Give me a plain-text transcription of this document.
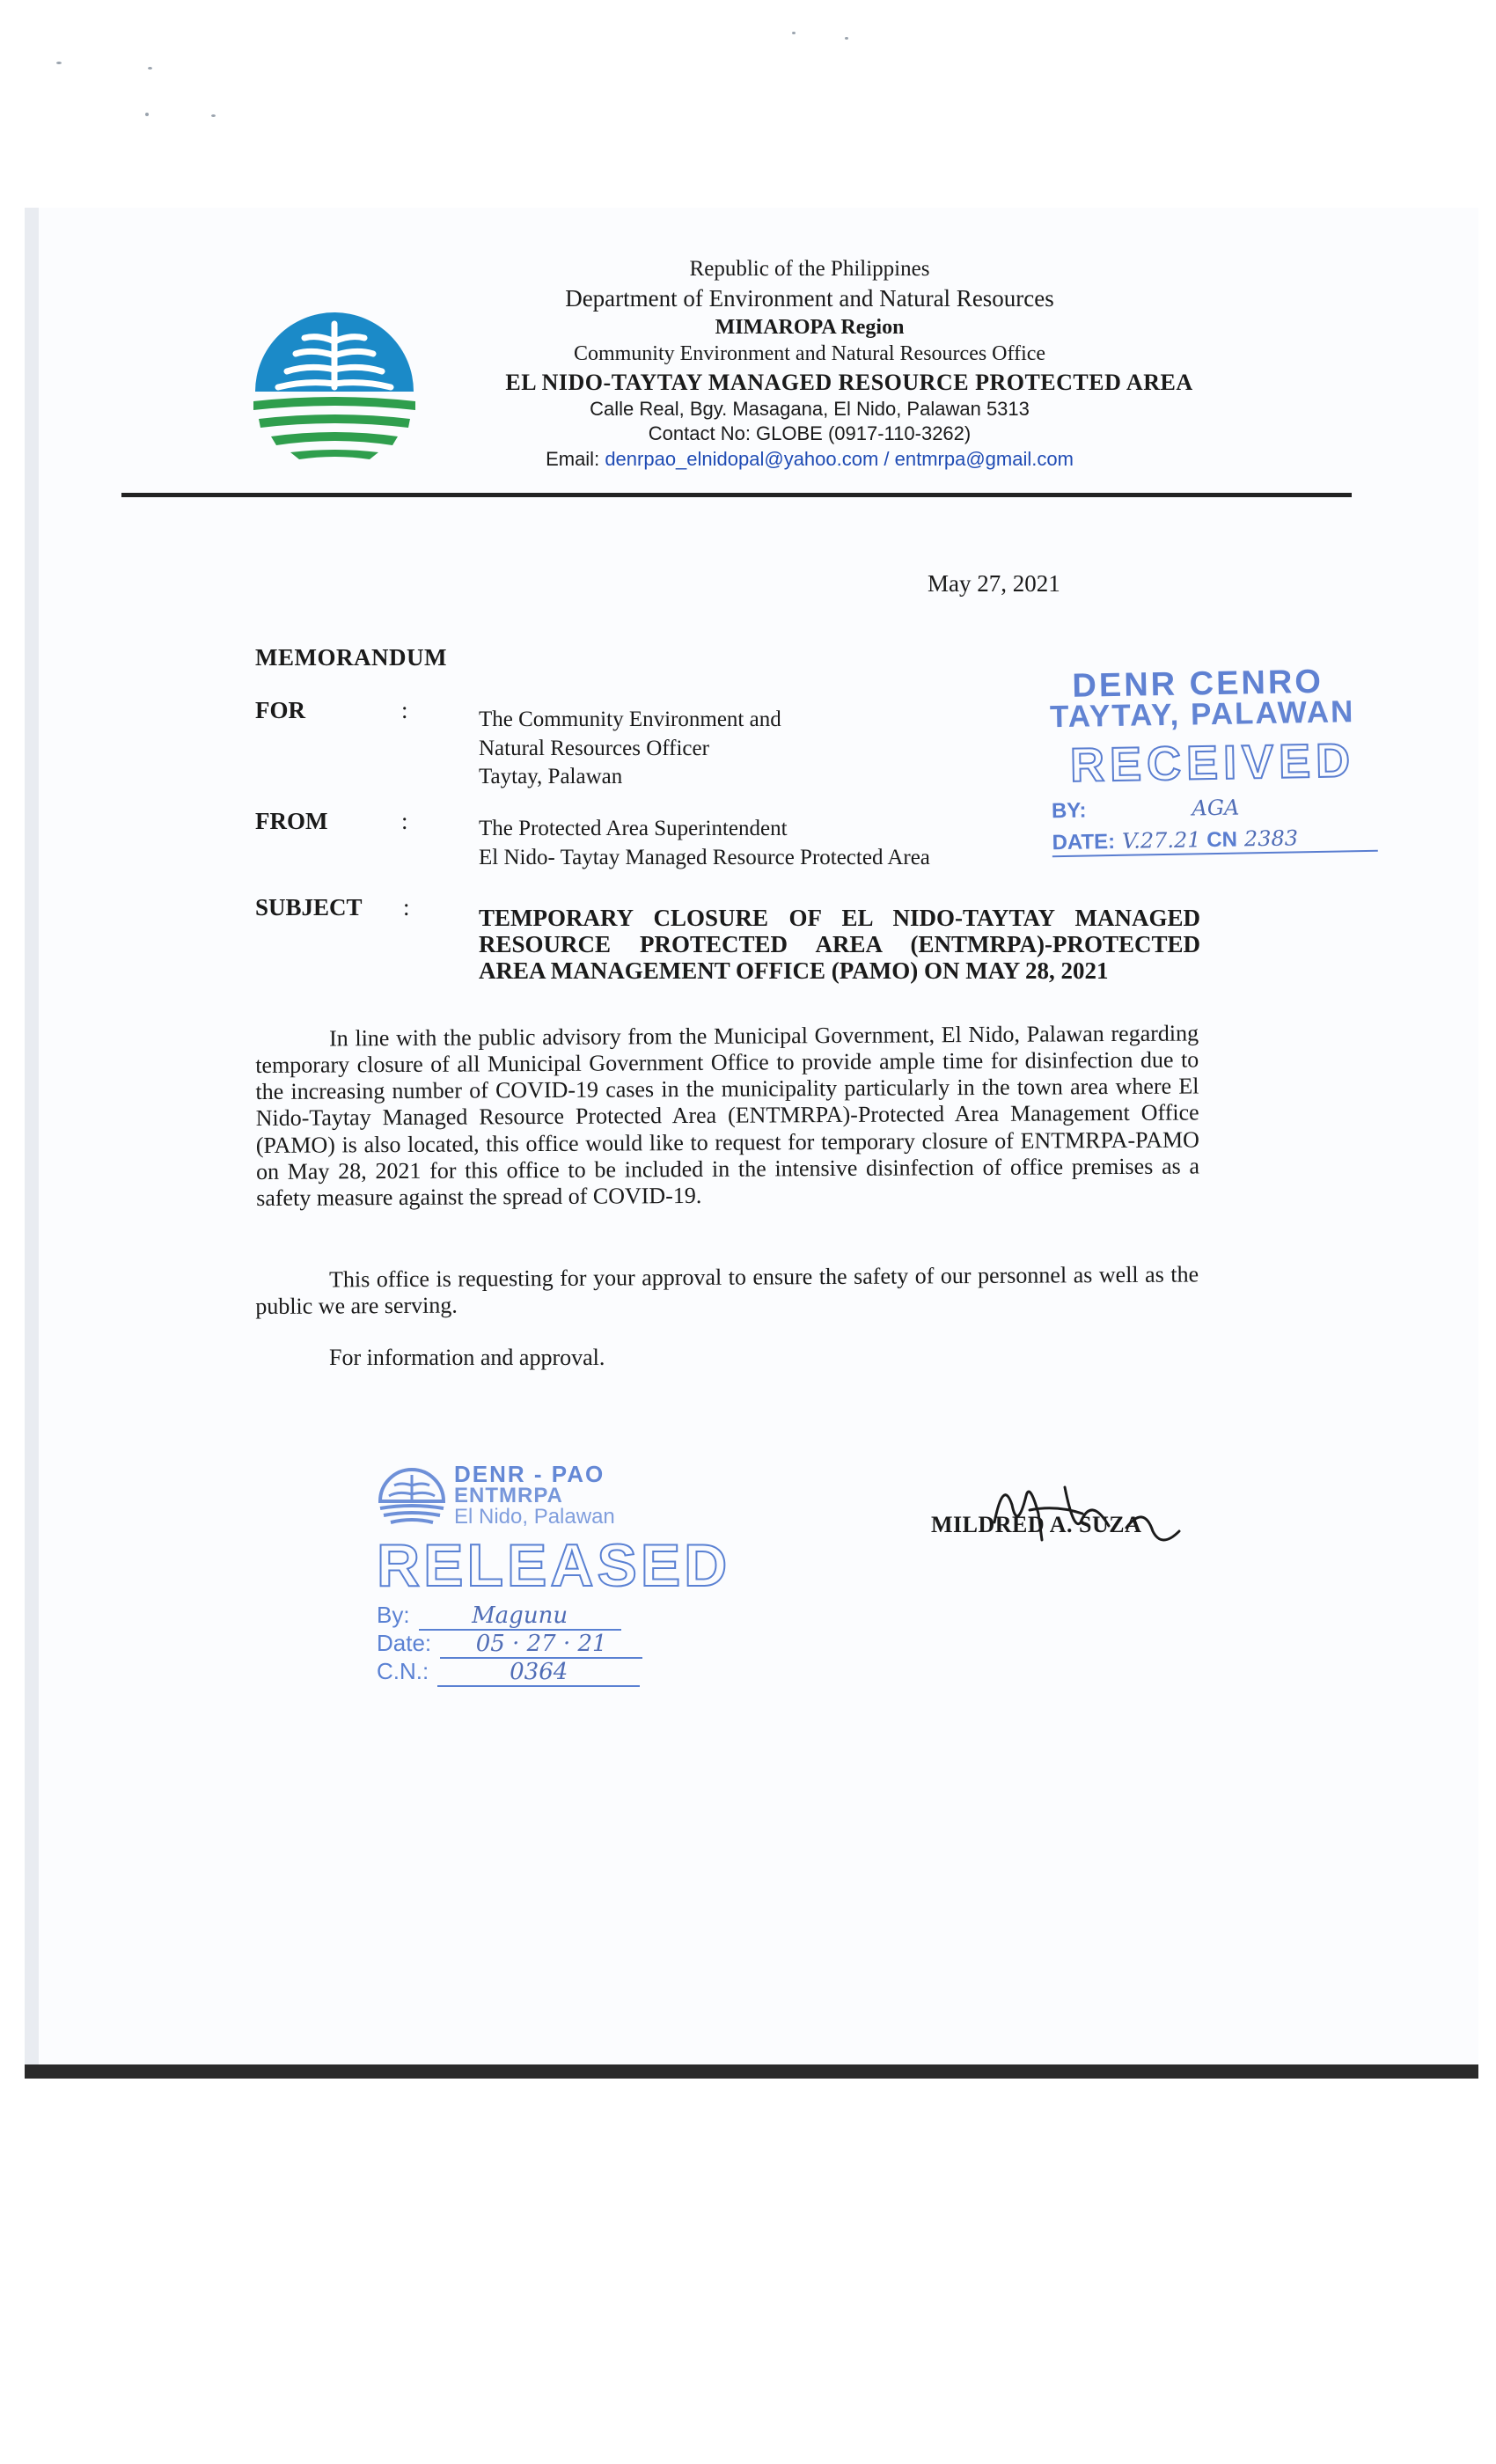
Republic of the Philippines
Department of Environment and Natural Resources
MIMAROPA Region
Community Environment and Natural Resources Office
EL NIDO-TAYTAY MANAGED RESOURCE PROTECTED AREA
Calle Real, Bgy. Masagana, El Nido, Palawan 5313
Contact No: GLOBE (0917-110-3262)
Email: denrpao_elnidopal@yahoo.com / entmrpa@gmail.com
May 27, 2021
MEMORANDUM
FOR	:	The Community Environment and
Natural Resources Officer
Taytay, Palawan
FROM	:	The Protected Area Superintendent
El Nido- Taytay Managed Resource Protected Area
SUBJECT :	TEMPORARY CLOSURE OF EL NIDO-TAYTAY MANAGED RESOURCE PROTECTED AREA (ENTMRPA)-PROTECTED AREA MANAGEMENT OFFICE (PAMO) ON MAY 28, 2021
In line with the public advisory from the Municipal Government, El Nido, Palawan regarding temporary closure of all Municipal Government Office to provide ample time for disinfection due to the increasing number of COVID-19 cases in the municipality particularly in the town area where El Nido-Taytay Managed Resource Protected Area (ENTMRPA)-Protected Area Management Office (PAMO) is also located, this office would like to request for temporary closure of ENTMRPA-PAMO on May 28, 2021 for this office to be included in the intensive disinfection of office premises as a safety measure against the spread of COVID-19.
This office is requesting for your approval to ensure the safety of our personnel as well as the public we are serving.
For information and approval.
DENR CENRO
TAYTAY, PALAWAN
RECEIVED
BY:	AGA
DATE: V.27.21 CN 2383
DENR - PAO
ENTMRPA
El Nido, Palawan
RELEASED
By:	Magunu
Date: 05 · 27 · 21
C.N.:	0364
MILDRED A. SUZA
